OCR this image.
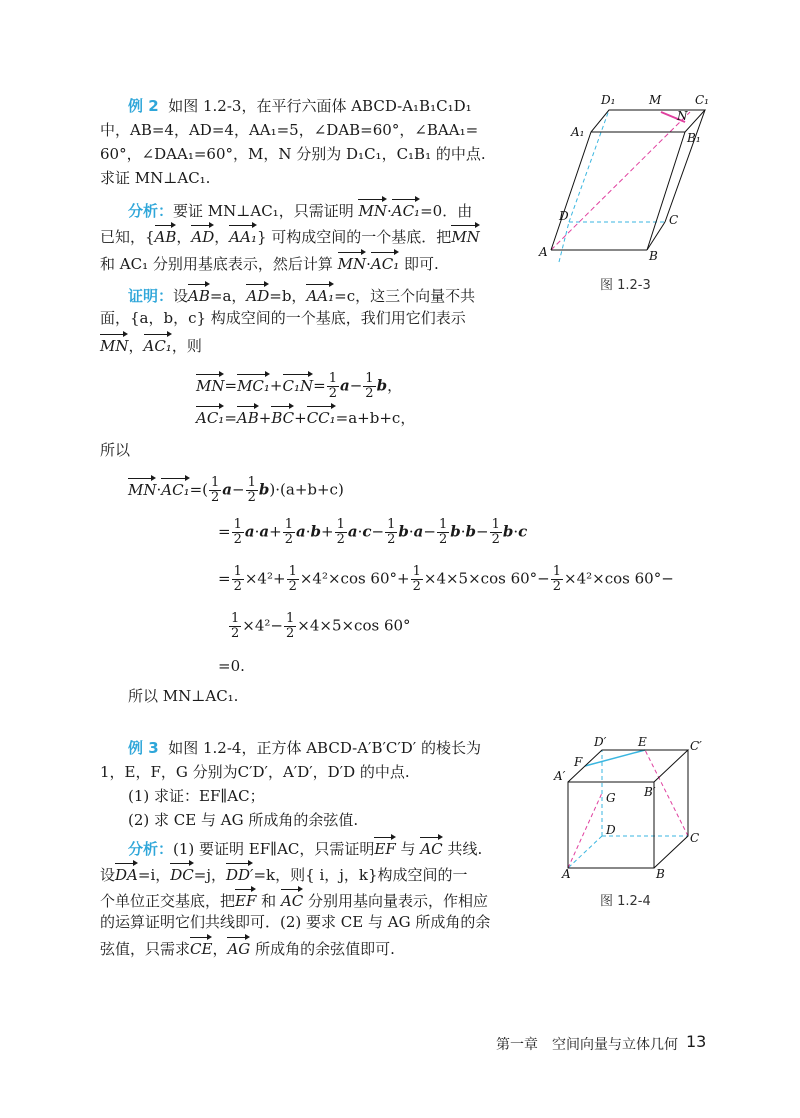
例 2 如图 1.2-3，在平行六面体 ABCD-A₁B₁C₁D₁
中，AB=4，AD=4，AA₁=5，∠DAB=60°，∠BAA₁=
60°，∠DAA₁=60°，M，N 分别为 D₁C₁，C₁B₁ 的中点.
求证 MN⊥AC₁.
分析：要证 MN⊥AC₁，只需证明 MN·AC₁=0．由
已知，{AB，AD，AA₁} 可构成空间的一个基底．把MN
和 AC₁ 分别用基底表示，然后计算 MN·AC₁ 即可.
证明：设AB=a，AD=b，AA₁=c，这三个向量不共
面，{a，b，c} 构成空间的一个基底，我们用它们表示
MN，AC₁，则
$MN=MC_1+C_1N= \frac{1}{2} a- \frac{1}{2}$ b，
AC₁=AB+BC+CC₁=a+b+c，
所以
$MN\cdot AC_1=( \frac{1}{2} a- \frac{1}{2} b)\cdot(a+b+c)$
= $\frac{1}{2} a\cdot a+ \frac{1}{2} a\cdot b+ \frac{1}{2} a\cdot c- \frac{1}{2} b\cdot a- \frac{1}{2} b\cdot b- \frac{1}{2} b\cdot c$
= $\frac{1}{2} \times 4^2+ \frac{1}{2} \times 4^2\times\cos$ $60^\circ+ \frac{1}{2} \times 4\times 5\times\cos$ $60^\circ- \frac{1}{2} \times 4^2\times\cos$ 60°−
$\frac{1}{2} \times 4^2- \frac{1}{2} \times 4\times 5\times\cos$ 60°
=0.
所以 MN⊥AC₁.
D₁	M	C₁
A₁
N
B₁
D	C
A	B
图 1.2-3
例 3 如图 1.2-4，正方体 ABCD-A′B′C′D′ 的棱长为
1，E，F，G 分别为C′D′，A′D′，D′D 的中点.
(1) 求证：EF∥AC；
(2) 求 CE 与 AG 所成角的余弦值.
分析：(1) 要证明 EF∥AC，只需证明EF 与 AC 共线.
设DA=i，DC=j，DD′=k，则{ i，j，k}构成空间的一
个单位正交基底，把EF 和 AC 分别用基向量表示，作相应
的运算证明它们共线即可．(2) 要求 CE 与 AG 所成角的余
弦值，只需求CE，AG 所成角的余弦值即可.
D′	E	C′
A′
F
B′
G
D
C
A	B
图 1.2-4
第一章　空间向量与立体几何 13
